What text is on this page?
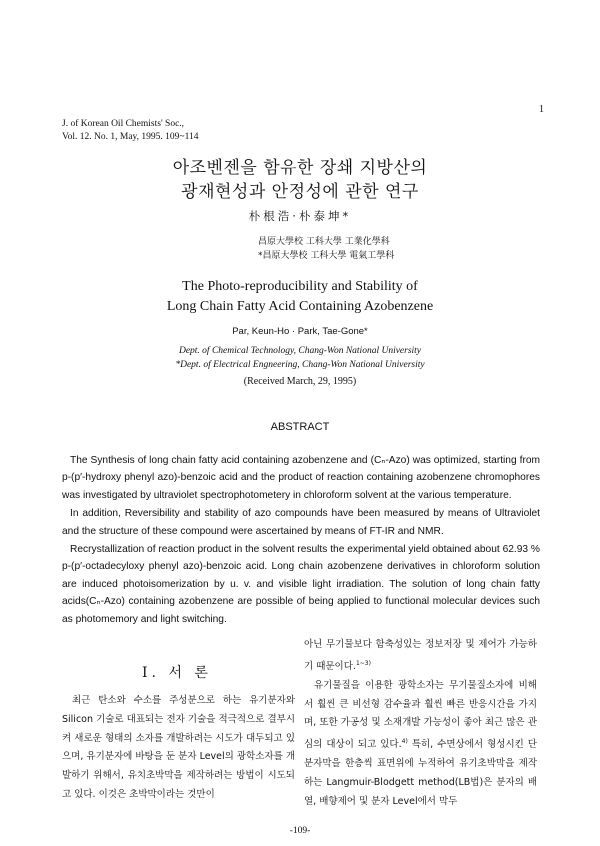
J. of Korean Oil Chemists' Soc.,
Vol. 12. No. 1, May, 1995. 109~114
1
아조벤젠을 함유한 장쇄 지방산의
광재현성과 안정성에 관한 연구
朴根浩·朴泰坤*
昌原大學校 工科大學 工業化學科
*昌原大學校 工科大學 電氣工學科
The Photo-reproducibility and Stability of
Long Chain Fatty Acid Containing Azobenzene
Par, Keun-Ho · Park, Tae-Gone*
Dept. of Chemical Technology, Chang-Won National University
*Dept. of Electrical Engneering, Chang-Won National University
(Received March, 29, 1995)
ABSTRACT

The Synthesis of long chain fatty acid containing azobenzene and (Cₙ-Azo) was optimized, starting from p-(p′-hydroxy phenyl azo)-benzoic acid and the product of reaction containing azobenzene chromophores was investigated by ultraviolet spectrophotometery in chloroform solvent at the various temperature.

In addition, Reversibility and stability of azo compounds have been measured by means of Ultraviolet and the structure of these compound were ascertained by means of FT-IR and NMR.

Recrystallization of reaction product in the solvent results the experimental yield obtained about 62.93 % p-(p′-octadecyloxy phenyl azo)-benzoic acid. Long chain azobenzene derivatives in chloroform solution are induced photoisomerization by u. v. and visible light irradiation. The solution of long chain fatty acids(Cₙ-Azo) containing azobenzene are possible of being applied to functional molecular devices such as photomemory and light switching.

I. 서 론

최근 탄소와 수소를 주성분으로 하는 유기분자와 Silicon 기술로 대표되는 전자 기술을 적극적으로 결부시켜 새로운 형태의 소자를 개발하려는 시도가 대두되고 있으며, 유기분자에 바탕을 둔 분자 Level의 광학소자를 개발하기 위해서, 유치초박막을 제작하려는 방법이 시도되고 있다. 이것은 초박막이라는 것만이

아닌 무기물보다 함축성있는 정보저장 및 제어가 가능하기 때문이다.$^{1\sim 3)}$

유기물질을 이용한 광학소자는 무기물질소자에 비해서 훨씬 큰 비선형 감수율과 훨씬 빠른 반응시간을 가지며, 또한 가공성 및 소재개발 가능성이 좋아 최근 많은 관심의 대상이 되고 있다.$^{4)}$ 특히, 수면상에서 형성시킨 단분자막을 한층씩 표면위에 누적하여 유기초박막을 제작하는 Langmuir-Blodgett method(LB법)은 분자의 배열, 배향제어 및 분자 Level에서 막두

-109-
